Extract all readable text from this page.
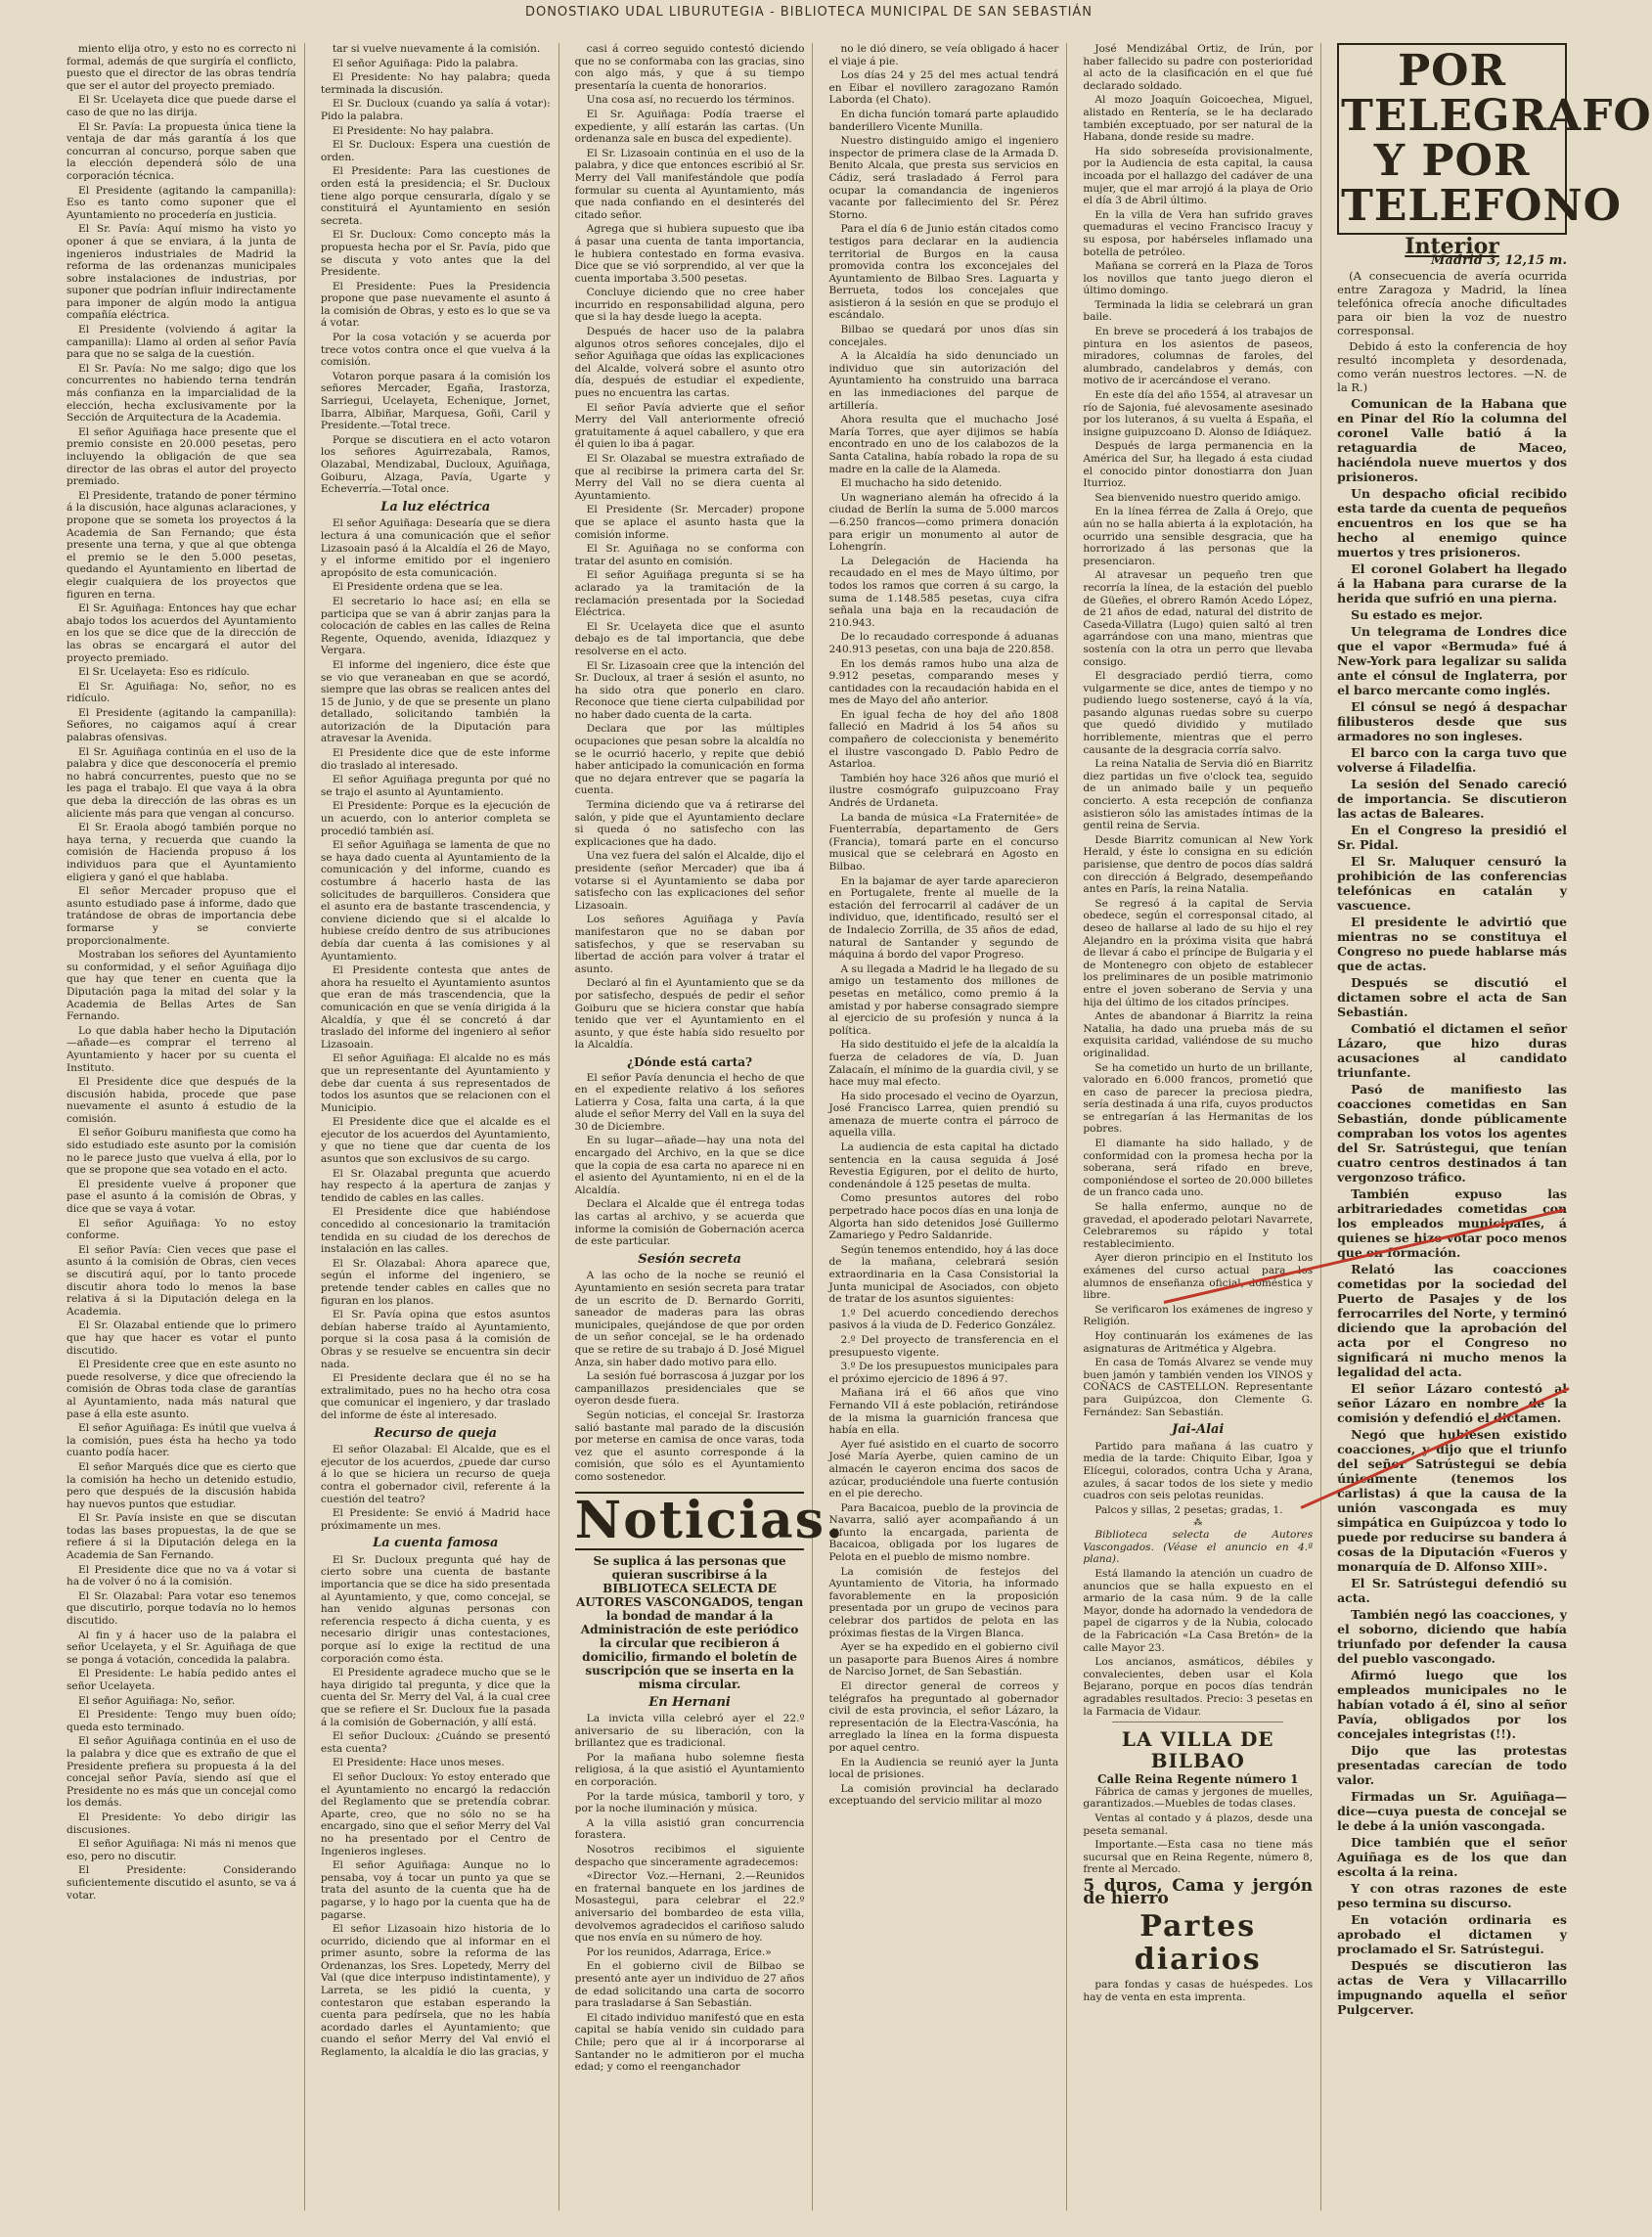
DONOSTIAKO UDAL LIBURUTEGIA - BIBLIOTECA MUNICIPAL DE SAN SEBASTIÁN

miento elija otro, y esto no es correcto ni formal, además de que surgiría el conflicto, puesto que el director de las obras tendría que ser el autor del proyecto premiado.

El Sr. Ucelayeta dice que puede darse el caso de que no las dirija.

El Sr. Pavía: La propuesta única tiene la ventaja de dar más garantía á los que concurran al concurso, porque saben que la elección dependerá sólo de una corporación técnica.

El Presidente (agitando la campanilla): Eso es tanto como suponer que el Ayuntamiento no procedería en justicia.

El Sr. Pavía: Aquí mismo ha visto yo oponer á que se enviara, á la junta de ingenieros industriales de Madrid la reforma de las ordenanzas municipales sobre instalaciones de industrias, por suponer que podrían influir indirectamente para imponer de algún modo la antigua compañía eléctrica.

El Presidente (volviendo á agitar la campanilla): Llamo al orden al señor Pavía para que no se salga de la cuestión.

El Sr. Pavía: No me salgo; digo que los concurrentes no habiendo terna tendrán más confianza en la imparcialidad de la elección, hecha exclusivamente por la Sección de Arquitectura de la Academia.

El señor Aguiñaga hace presente que el premio consiste en 20.000 pesetas, pero incluyendo la obligación de que sea director de las obras el autor del proyecto premiado.

El Presidente, tratando de poner término á la discusión, hace algunas aclaraciones, y propone que se someta los proyectos á la Academia de San Fernando; que ésta presente una terna, y que al que obtenga el premio se le den 5.000 pesetas, quedando el Ayuntamiento en libertad de elegir cualquiera de los proyectos que figuren en terna.

El Sr. Aguiñaga: Entonces hay que echar abajo todos los acuerdos del Ayuntamiento en los que se dice que de la dirección de las obras se encargará el autor del proyecto premiado.

El Sr. Ucelayeta: Eso es ridículo.

El Sr. Aguiñaga: No, señor, no es ridículo.

El Presidente (agitando la campanilla): Señores, no caigamos aquí á crear palabras ofensivas.

El Sr. Aguiñaga continúa en el uso de la palabra y dice que desconocería el premio no habrá concurrentes, puesto que no se les paga el trabajo. El que vaya á la obra que deba la dirección de las obras es un aliciente más para que vengan al concurso.

El Sr. Eraola abogó también porque no haya terna, y recuerda que cuando la comisión de Hacienda propuso á los individuos para que el Ayuntamiento eligiera y ganó el que hablaba.

El señor Mercader propuso que el asunto estudiado pase á informe, dado que tratándose de obras de importancia debe formarse y se convierte proporcionalmente.

Mostraban los señores del Ayuntamiento su conformidad, y el señor Aguiñaga dijo que hay que tener en cuenta que la Diputación paga la mitad del solar y la Academia de Bellas Artes de San Fernando.

Lo que dabla haber hecho la Diputación—añade—es comprar el terreno al Ayuntamiento y hacer por su cuenta el Instituto.

El Presidente dice que después de la discusión habida, procede que pase nuevamente el asunto á estudio de la comisión.

El señor Goiburu manifiesta que como ha sido estudiado este asunto por la comisión no le parece justo que vuelva á ella, por lo que se propone que sea votado en el acto.

El presidente vuelve á proponer que pase el asunto á la comisión de Obras, y dice que se vaya á votar.

El señor Aguiñaga: Yo no estoy conforme.

El señor Pavía: Cien veces que pase el asunto á la comisión de Obras, cien veces se discutirá aquí, por lo tanto procede discutir ahora todo lo menos la base relativa á si la Diputación delega en la Academia.

El Sr. Olazabal entiende que lo primero que hay que hacer es votar el punto discutido.

El Presidente cree que en este asunto no puede resolverse, y dice que ofreciendo la comisión de Obras toda clase de garantías al Ayuntamiento, nada más natural que pase á ella este asunto.

El señor Aguiñaga: Es inútil que vuelva á la comisión, pues ésta ha hecho ya todo cuanto podía hacer.

El señor Marqués dice que es cierto que la comisión ha hecho un detenido estudio, pero que después de la discusión habida hay nuevos puntos que estudiar.

El Sr. Pavía insiste en que se discutan todas las bases propuestas, la de que se refiere á si la Diputación delega en la Academia de San Fernando.

El Presidente dice que no va á votar si ha de volver ó no á la comisión.

El Sr. Olazabal: Para votar eso tenemos que discutirlo, porque todavía no lo hemos discutido.

Al fin y á hacer uso de la palabra el señor Ucelayeta, y el Sr. Aguiñaga de que se ponga á votación, concedida la palabra.

El Presidente: Le había pedido antes el señor Ucelayeta.

El señor Aguiñaga: No, señor.

El Presidente: Tengo muy buen oído; queda esto terminado.

El señor Aguiñaga continúa en el uso de la palabra y dice que es extraño de que el Presidente prefiera su propuesta á la del concejal señor Pavía, siendo así que el Presidente no es más que un concejal como los demás.

El Presidente: Yo debo dirigir las discusiones.

El señor Aguiñaga: Ni más ni menos que eso, pero no discutir.

El Presidente: Considerando suficientemente discutido el asunto, se va á votar.

tar si vuelve nuevamente á la comisión.

El señor Aguiñaga: Pido la palabra.

El Presidente: No hay palabra; queda terminada la discusión.

El Sr. Ducloux (cuando ya salía á votar): Pido la palabra.

El Presidente: No hay palabra.

El Sr. Ducloux: Espera una cuestión de orden.

El Presidente: Para las cuestiones de orden está la presidencia; el Sr. Ducloux tiene algo porque censurarla, dígalo y se constituirá el Ayuntamiento en sesión secreta.

El Sr. Ducloux: Como concepto más la propuesta hecha por el Sr. Pavía, pido que se discuta y voto antes que la del Presidente.

El Presidente: Pues la Presidencia propone que pase nuevamente el asunto á la comisión de Obras, y esto es lo que se va á votar.

Por la cosa votación y se acuerda por trece votos contra once el que vuelva á la comisión.

Votaron porque pasara á la comisión los señores Mercader, Egaña, Irastorza, Sarriegui, Ucelayeta, Echenique, Jornet, Ibarra, Albiñar, Marquesa, Goñi, Caril y Presidente.—Total trece.

Porque se discutiera en el acto votaron los señores Aguirrezabala, Ramos, Olazabal, Mendizabal, Ducloux, Aguiñaga, Goiburu, Alzaga, Pavía, Ugarte y Echeverría.—Total once.

La luz eléctrica

El señor Aguiñaga: Desearía que se diera lectura á una comunicación que el señor Lizasoain pasó á la Alcaldía el 26 de Mayo, y el informe emitido por el ingeniero apropósito de esta comunicación.

El Presidente ordena que se lea.

El secretario lo hace así; en ella se participa que se van á abrir zanjas para la colocación de cables en las calles de Reina Regente, Oquendo, avenida, Idiazquez y Vergara.

El informe del ingeniero, dice éste que se vio que veraneaban en que se acordó, siempre que las obras se realicen antes del 15 de Junio, y de que se presente un plano detallado, solicitando también la autorización de la Diputación para atravesar la Avenida.

El Presidente dice que de este informe dio traslado al interesado.

El señor Aguiñaga pregunta por qué no se trajo el asunto al Ayuntamiento.

El Presidente: Porque es la ejecución de un acuerdo, con lo anterior completa se procedió también así.

El señor Aguiñaga se lamenta de que no se haya dado cuenta al Ayuntamiento de la comunicación y del informe, cuando es costumbre á hacerlo hasta de las solicitudes de barquilleros. Considera que el asunto era de bastante trascendencia, y conviene diciendo que si el alcalde lo hubiese creído dentro de sus atribuciones debía dar cuenta á las comisiones y al Ayuntamiento.

El Presidente contesta que antes de ahora ha resuelto el Ayuntamiento asuntos que eran de más trascendencia, que la comunicación en que se venía dirigida á la Alcaldía, y que él se concretó á dar traslado del informe del ingeniero al señor Lizasoain.

El señor Aguiñaga: El alcalde no es más que un representante del Ayuntamiento y debe dar cuenta á sus representados de todos los asuntos que se relacionen con el Municipio.

El Presidente dice que el alcalde es el ejecutor de los acuerdos del Ayuntamiento, y que no tiene que dar cuenta de los asuntos que son exclusivos de su cargo.

El Sr. Olazabal pregunta que acuerdo hay respecto á la apertura de zanjas y tendido de cables en las calles.

El Presidente dice que habiéndose concedido al concesionario la tramitación tendida en su ciudad de los derechos de instalación en las calles.

El Sr. Olazabal: Ahora aparece que, según el informe del ingeniero, se pretende tender cables en calles que no figuran en los planos.

El Sr. Pavía opina que estos asuntos debían haberse traído al Ayuntamiento, porque si la cosa pasa á la comisión de Obras y se resuelve se encuentra sin decir nada.

El Presidente declara que él no se ha extralimitado, pues no ha hecho otra cosa que comunicar el ingeniero, y dar traslado del informe de éste al interesado.

Recurso de queja

El señor Olazabal: El Alcalde, que es el ejecutor de los acuerdos, ¿puede dar curso á lo que se hiciera un recurso de queja contra el gobernador civil, referente á la cuestión del teatro?

El Presidente: Se envió á Madrid hace próximamente un mes.

La cuenta famosa

El Sr. Ducloux pregunta qué hay de cierto sobre una cuenta de bastante importancia que se dice ha sido presentada al Ayuntamiento, y que, como concejal, se han venido algunas personas con referencia respecto á dicha cuenta, y es necesario dirigir unas contestaciones, porque así lo exige la rectitud de una corporación como ésta.

El Presidente agradece mucho que se le haya dirigido tal pregunta, y dice que la cuenta del Sr. Merry del Val, á la cual cree que se refiere el Sr. Ducloux fue la pasada á la comisión de Gobernación, y allí está.

El señor Ducloux: ¿Cuándo se presentó esta cuenta?

El Presidente: Hace unos meses.

El señor Ducloux: Yo estoy enterado que el Ayuntamiento no encargó la redacción del Reglamento que se pretendía cobrar. Aparte, creo, que no sólo no se ha encargado, sino que el señor Merry del Val no ha presentado por el Centro de Ingenieros ingleses.

El señor Aguiñaga: Aunque no lo pensaba, voy á tocar un punto ya que se trata del asunto de la cuenta que ha de pagarse, y lo hago por la cuenta que ha de pagarse.

El señor Lizasoain hizo historia de lo ocurrido, diciendo que al informar en el primer asunto, sobre la reforma de las Ordenanzas, los Sres. Lopetedy, Merry del Val (que dice interpuso indistintamente), y Larreta, se les pidió la cuenta, y contestaron que estaban esperando la cuenta para pedírsela, que no les había acordado darles el Ayuntamiento; que cuando el señor Merry del Val envió el Reglamento, la alcaldía le dio las gracias, y

casi á correo seguido contestó diciendo que no se conformaba con las gracias, sino con algo más, y que á su tiempo presentaría la cuenta de honorarios.

Una cosa así, no recuerdo los términos.

El Sr. Aguiñaga: Podía traerse el expediente, y allí estarán las cartas. (Un ordenanza sale en busca del expediente).

El Sr. Lizasoain continúa en el uso de la palabra, y dice que entonces escribió al Sr. Merry del Vall manifestándole que podía formular su cuenta al Ayuntamiento, más que nada confiando en el desinterés del citado señor.

Agrega que si hubiera supuesto que iba á pasar una cuenta de tanta importancia, le hubiera contestado en forma evasiva. Dice que se vió sorprendido, al ver que la cuenta importaba 3.500 pesetas.

Concluye diciendo que no cree haber incurrido en responsabilidad alguna, pero que si la hay desde luego la acepta.

Después de hacer uso de la palabra algunos otros señores concejales, dijo el señor Aguiñaga que oídas las explicaciones del Alcalde, volverá sobre el asunto otro día, después de estudiar el expediente, pues no encuentra las cartas.

El señor Pavía advierte que el señor Merry del Vall anteriormente ofreció gratuitamente á aquel caballero, y que era él quien lo iba á pagar.

El Sr. Olazabal se muestra extrañado de que al recibirse la primera carta del Sr. Merry del Vall no se diera cuenta al Ayuntamiento.

El Presidente (Sr. Mercader) propone que se aplace el asunto hasta que la comisión informe.

El Sr. Aguiñaga no se conforma con tratar del asunto en comisión.

El señor Aguiñaga pregunta si se ha aclarado ya la tramitación de la reclamación presentada por la Sociedad Eléctrica.

El Sr. Ucelayeta dice que el asunto debajo es de tal importancia, que debe resolverse en el acto.

El Sr. Lizasoain cree que la intención del Sr. Ducloux, al traer á sesión el asunto, no ha sido otra que ponerlo en claro. Reconoce que tiene cierta culpabilidad por no haber dado cuenta de la carta.

Declara que por las múltiples ocupaciones que pesan sobre la alcaldía no se le ocurrió hacerlo, y repite que debió haber anticipado la comunicación en forma que no dejara entrever que se pagaría la cuenta.

Termina diciendo que va á retirarse del salón, y pide que el Ayuntamiento declare si queda ó no satisfecho con las explicaciones que ha dado.

Una vez fuera del salón el Alcalde, dijo el presidente (señor Mercader) que iba á votarse si el Ayuntamiento se daba por satisfecho con las explicaciones del señor Lizasoain.

Los señores Aguiñaga y Pavía manifestaron que no se daban por satisfechos, y que se reservaban su libertad de acción para volver á tratar el asunto.

Declaró al fin el Ayuntamiento que se da por satisfecho, después de pedir el señor Goiburu que se hiciera constar que había tenido que ver el Ayuntamiento en el asunto, y que éste había sido resuelto por la Alcaldía.

¿Dónde está carta?

El señor Pavía denuncia el hecho de que en el expediente relativo á los señores Latierra y Cosa, falta una carta, á la que alude el señor Merry del Vall en la suya del 30 de Diciembre.

En su lugar—añade—hay una nota del encargado del Archivo, en la que se dice que la copia de esa carta no aparece ni en el asiento del Ayuntamiento, ni en el de la Alcaldía.

Declara el Alcalde que él entrega todas las cartas al archivo, y se acuerda que informe la comisión de Gobernación acerca de este particular.

Sesión secreta

A las ocho de la noche se reunió el Ayuntamiento en sesión secreta para tratar de un escrito de D. Bernardo Gorriti, saneador de maderas para las obras municipales, quejándose de que por orden de un señor concejal, se le ha ordenado que se retire de su trabajo á D. José Miguel Anza, sin haber dado motivo para ello.

La sesión fué borrascosa á juzgar por los campanillazos presidenciales que se oyeron desde fuera.

Según noticias, el concejal Sr. Irastorza salió bastante mal parado de la discusión por meterse en camisa de once varas, toda vez que el asunto corresponde á la comisión, que sólo es el Ayuntamiento como sostenedor.

Noticias.
Se suplica á las personas que quieran suscribirse á la BIBLIOTECA SELECTA DE AUTORES VASCONGADOS, tengan la bondad de mandar á la Administración de este periódico la circular que recibieron á domicilio, firmando el boletín de suscripción que se inserta en la misma circular.
En Hernani

La invicta villa celebró ayer el 22.º aniversario de su liberación, con la brillantez que es tradicional.

Por la mañana hubo solemne fiesta religiosa, á la que asistió el Ayuntamiento en corporación.

Por la tarde música, tamboril y toro, y por la noche iluminación y música.

A la villa asistió gran concurrencia forastera.

Nosotros recibimos el siguiente despacho que sinceramente agradecemos:

«Director Voz.—Hernani, 2.—Reunidos en fraternal banquete en los jardines de Mosastegui, para celebrar el 22.º aniversario del bombardeo de esta villa, devolvemos agradecidos el cariñoso saludo que nos envía en su número de hoy.

Por los reunidos, Adarraga, Erice.»

En el gobierno civil de Bilbao se presentó ante ayer un individuo de 27 años de edad solicitando una carta de socorro para trasladarse á San Sebastián.

El citado individuo manifestó que en esta capital se había venido sin cuidado para Chile; pero que al ir á incorporarse al Santander no le admitieron por el mucha edad; y como el reenganchador

no le dió dinero, se veía obligado á hacer el viaje á pie.

Los días 24 y 25 del mes actual tendrá en Eibar el novillero zaragozano Ramón Laborda (el Chato).

En dicha función tomará parte aplaudido banderillero Vicente Munilla.

Nuestro distinguido amigo el ingeniero inspector de primera clase de la Armada D. Benito Alcala, que presta sus servicios en Cádiz, será trasladado á Ferrol para ocupar la comandancia de ingenieros vacante por fallecimiento del Sr. Pérez Storno.

Para el día 6 de Junio están citados como testigos para declarar en la audiencia territorial de Burgos en la causa promovida contra los exconcejales del Ayuntamiento de Bilbao Sres. Laguarta y Berrueta, todos los concejales que asistieron á la sesión en que se produjo el escándalo.

Bilbao se quedará por unos días sin concejales.

A la Alcaldía ha sido denunciado un individuo que sin autorización del Ayuntamiento ha construido una barraca en las inmediaciones del parque de artillería.

Ahora resulta que el muchacho José María Torres, que ayer dijimos se había encontrado en uno de los calabozos de la Santa Catalina, había robado la ropa de su madre en la calle de la Alameda.

El muchacho ha sido detenido.

Un wagneriano alemán ha ofrecido á la ciudad de Berlín la suma de 5.000 marcos—6.250 francos—como primera donación para erigir un monumento al autor de Lohengrín.

La Delegación de Hacienda ha recaudado en el mes de Mayo último, por todos los ramos que corren á su cargo, la suma de 1.148.585 pesetas, cuya cifra señala una baja en la recaudación de 210.943.

De lo recaudado corresponde á aduanas 240.913 pesetas, con una baja de 220.858.

En los demás ramos hubo una alza de 9.912 pesetas, comparando meses y cantidades con la recaudación habida en el mes de Mayo del año anterior.

En igual fecha de hoy del año 1808 falleció en Madrid á los 54 años su compañero de coleccionista y benemérito el ilustre vascongado D. Pablo Pedro de Astarloa.

También hoy hace 326 años que murió el ilustre cosmógrafo guipuzcoano Fray Andrés de Urdaneta.

La banda de música «La Fraternitée» de Fuenterrabía, departamento de Gers (Francia), tomará parte en el concurso musical que se celebrará en Agosto en Bilbao.

En la bajamar de ayer tarde aparecieron en Portugalete, frente al muelle de la estación del ferrocarril al cadáver de un individuo, que, identificado, resultó ser el de Indalecio Zorrilla, de 35 años de edad, natural de Santander y segundo de máquina á bordo del vapor Progreso.

A su llegada a Madrid le ha llegado de su amigo un testamento dos millones de pesetas en metálico, como premio á la amistad y por haberse consagrado siempre al ejercicio de su profesión y nunca á la política.

Ha sido destituido el jefe de la alcaldía la fuerza de celadores de vía, D. Juan Zalacaín, el mínimo de la guardia civil, y se hace muy mal efecto.

Ha sido procesado el vecino de Oyarzun, José Francisco Larrea, quien prendió su amenaza de muerte contra el párroco de aquella villa.

La audiencia de esta capital ha dictado sentencia en la causa seguida á José Revestia Egiguren, por el delito de hurto, condenándole á 125 pesetas de multa.

Como presuntos autores del robo perpetrado hace pocos días en una lonja de Algorta han sido detenidos José Guillermo Zamariego y Pedro Saldanride.

Según tenemos entendido, hoy á las doce de la mañana, celebrará sesión extraordinaria en la Casa Consistorial la Junta municipal de Asociados, con objeto de tratar de los asuntos siguientes:

1.º Del acuerdo concediendo derechos pasivos á la viuda de D. Federico González.

2.º Del proyecto de transferencia en el presupuesto vigente.

3.º De los presupuestos municipales para el próximo ejercicio de 1896 á 97.

Mañana irá el 66 años que vino Fernando VII á este población, retirándose de la misma la guarnición francesa que había en ella.

Ayer fué asistido en el cuarto de socorro José María Ayerbe, quien camino de un almacén le cayeron encima dos sacos de azúcar, produciéndole una fuerte contusión en el pie derecho.

Para Bacaicoa, pueblo de la provincia de Navarra, salió ayer acompañando á un difunto la encargada, parienta de Bacaicoa, obligada por los lugares de Pelota en el pueblo de mismo nombre.

La comisión de festejos del Ayuntamiento de Vitoria, ha informado favorablemente en la proposición presentada por un grupo de vecinos para celebrar dos partidos de pelota en las próximas fiestas de la Virgen Blanca.

Ayer se ha expedido en el gobierno civil un pasaporte para Buenos Aires á nombre de Narciso Jornet, de San Sebastián.

El director general de correos y telégrafos ha preguntado al gobernador civil de esta provincia, el señor Lázaro, la representación de la Electra-Vascónia, ha arreglado la línea en la forma dispuesta por aquel centro.

En la Audiencia se reunió ayer la Junta local de prisiones.

La comisión provincial ha declarado exceptuando del servicio militar al mozo

José Mendizábal Ortiz, de Irún, por haber fallecido su padre con posterioridad al acto de la clasificación en el que fué declarado soldado.

Al mozo Joaquín Goicoechea, Miguel, alistado en Rentería, se le ha declarado también exceptuado, por ser natural de la Habana, donde reside su madre.

Ha sido sobreseída provisionalmente, por la Audiencia de esta capital, la causa incoada por el hallazgo del cadáver de una mujer, que el mar arrojó á la playa de Orio el día 3 de Abril último.

En la villa de Vera han sufrido graves quemaduras el vecino Francisco Iracuy y su esposa, por habérseles inflamado una botella de petróleo.

Mañana se correrá en la Plaza de Toros los novillos que tanto juego dieron el último domingo.

Terminada la lidia se celebrará un gran baile.

En breve se procederá á los trabajos de pintura en los asientos de paseos, miradores, columnas de faroles, del alumbrado, candelabros y demás, con motivo de ir acercándose el verano.

En este día del año 1554, al atravesar un río de Sajonia, fué alevosamente asesinado por los luteranos, á su vuelta á España, el insigne guipuzcoano D. Alonso de Idiáquez.

Después de larga permanencia en la América del Sur, ha llegado á esta ciudad el conocido pintor donostiarra don Juan Iturrioz.

Sea bienvenido nuestro querido amigo.

En la línea férrea de Zalla á Orejo, que aún no se halla abierta á la explotación, ha ocurrido una sensible desgracia, que ha horrorizado á las personas que la presenciaron.

Al atravesar un pequeño tren que recorría la línea, de la estación del pueblo de Güeñes, el obrero Ramón Acedo López, de 21 años de edad, natural del distrito de Caseda-Villatra (Lugo) quien saltó al tren agarrándose con una mano, mientras que sostenía con la otra un perro que llevaba consigo.

El desgraciado perdió tierra, como vulgarmente se dice, antes de tiempo y no pudiendo luego sostenerse, cayó á la vía, pasando algunas ruedas sobre su cuerpo que quedó dividido y mutilado horriblemente, mientras que el perro causante de la desgracia corría salvo.

La reina Natalia de Servia dió en Biarritz diez partidas un five o'clock tea, seguido de un animado baile y un pequeño concierto. A esta recepción de confianza asistieron sólo las amistades íntimas de la gentil reina de Servia.

Desde Biarritz comunican al New York Herald, y éste lo consigna en su edición parisiense, que dentro de pocos días saldrá con dirección á Belgrado, desempeñando antes en París, la reina Natalia.

Se regresó á la capital de Servia obedece, según el corresponsal citado, al deseo de hallarse al lado de su hijo el rey Alejandro en la próxima visita que habrá de llevar á cabo el príncipe de Bulgaria y el de Montenegro con objeto de establecer los preliminares de un posible matrimonio entre el joven soberano de Servia y una hija del último de los citados príncipes.

Antes de abandonar á Biarritz la reina Natalia, ha dado una prueba más de su exquisita caridad, valiéndose de su mucho originalidad.

Se ha cometido un hurto de un brillante, valorado en 6.000 francos, prometió que en caso de parecer la preciosa piedra, sería destinada á una rifa, cuyos productos se entregarían á las Hermanitas de los pobres.

El diamante ha sido hallado, y de conformidad con la promesa hecha por la soberana, será rifado en breve, componiéndose el sorteo de 20.000 billetes de un franco cada uno.

Se halla enfermo, aunque no de gravedad, el apoderado pelotari Navarrete, Celebraremos su rápido y total restablecimiento.

Ayer dieron principio en el Instituto los exámenes del curso actual para los alumnos de enseñanza oficial, doméstica y libre.

Se verificaron los exámenes de ingreso y Religión.

Hoy continuarán los exámenes de las asignaturas de Aritmética y Algebra.

En casa de Tomás Alvarez se vende muy buen jamón y también venden los VINOS y COÑACS de CASTELLON. Representante para Guipúzcoa, don Clemente G. Fernández: San Sebastián.

Jai-Alai

Partido para mañana á las cuatro y media de la tarde: Chiquito Eibar, Igoa y Elícegui, colorados, contra Ucha y Arana, azules, á sacar todos de los siete y medio cuadros con seis pelotas reunidas.

Palcos y sillas, 2 pesetas; gradas, 1.

⁂

Biblioteca selecta de Autores Vascongados. (Véase el anuncio en 4.ª plana).

Está llamando la atención un cuadro de anuncios que se halla expuesto en el armario de la casa núm. 9 de la calle Mayor, donde ha adornado la vendedora de papel de cigarros y de la Nubia, colocado de la Fabricación «La Casa Bretón» de la calle Mayor 23.

Los ancianos, asmáticos, débiles y convalecientes, deben usar el Kola Bejarano, porque en pocos días tendrán agradables resultados. Precio: 3 pesetas en la Farmacia de Vidaur.

LA VILLA DE BILBAO
Calle Reina Regente número 1

Fábrica de camas y jergones de muelles, garantizados.—Muebles de todas clases.

Ventas al contado y á plazos, desde una peseta semanal.

Importante.—Esta casa no tiene más sucursal que en Reina Regente, número 8, frente al Mercado.

5 duros, Cama y jergón de hierro
Partes diarios

para fondas y casas de huéspedes. Los hay de venta en esta imprenta.

POR TELEGRAFO
Y POR TELEFONO
Interior
Madrid 3, 12,15 m.

(A consecuencia de avería ocurrida entre Zaragoza y Madrid, la línea telefónica ofrecía anoche dificultades para oir bien la voz de nuestro corresponsal.

Debido á esto la conferencia de hoy resultó incompleta y desordenada, como verán nuestros lectores. —N. de la R.)

Comunican de la Habana que en Pinar del Río la columna del coronel Valle batió á la retaguardia de Maceo, haciéndola nueve muertos y dos prisioneros.

Un despacho oficial recibido esta tarde da cuenta de pequeños encuentros en los que se ha hecho al enemigo quince muertos y tres prisioneros.

El coronel Golabert ha llegado á la Habana para curarse de la herida que sufrió en una pierna.

Su estado es mejor.

Un telegrama de Londres dice que el vapor «Bermuda» fué á New-York para legalizar su salida ante el cónsul de Inglaterra, por el barco mercante como inglés.

El cónsul se negó á despachar filibusteros desde que sus armadores no son ingleses.

El barco con la carga tuvo que volverse á Filadelfia.

La sesión del Senado careció de importancia. Se discutieron las actas de Baleares.

En el Congreso la presidió el Sr. Pidal.

El Sr. Maluquer censuró la prohibición de las conferencias telefónicas en catalán y vascuence.

El presidente le advirtió que mientras no se constituya el Congreso no puede hablarse más que de actas.

Después se discutió el dictamen sobre el acta de San Sebastián.

Combatió el dictamen el señor Lázaro, que hizo duras acusaciones al candidato triunfante.

Pasó de manifiesto las coacciones cometidas en San Sebastián, donde públicamente compraban los votos los agentes del Sr. Satrústegui, que tenían cuatro centros destinados á tan vergonzoso tráfico.

También expuso las arbitrariedades cometidas con los empleados municipales, á quienes se hizo votar poco menos que en formación.

Relató las coacciones cometidas por la sociedad del Puerto de Pasajes y de los ferrocarriles del Norte, y terminó diciendo que la aprobación del acta por el Congreso no significará ni mucho menos la legalidad del acta.

El señor Lázaro contestó al señor Lázaro en nombre de la comisión y defendió el dictamen.

Negó que hubiesen existido coacciones, y dijo que el triunfo del señor Satrústegui se debía únicamente (tenemos los carlistas) á que la causa de la unión vascongada es muy simpática en Guipúzcoa y todo lo puede por reducirse su bandera á cosas de la Diputación «Fueros y monarquía de D. Alfonso XIII».

El Sr. Satrústegui defendió su acta.

También negó las coacciones, y el soborno, diciendo que había triunfado por defender la causa del pueblo vascongado.

Afirmó luego que los empleados municipales no le habían votado á él, sino al señor Pavía, obligados por los concejales integristas (!!).

Dijo que las protestas presentadas carecían de todo valor.

Firmadas un Sr. Aguiñaga—dice—cuya puesta de concejal se le debe á la unión vascongada.

Dice también que el señor Aguiñaga es de los que dan escolta á la reina.

Y con otras razones de este peso termina su discurso.

En votación ordinaria es aprobado el dictamen y proclamado el Sr. Satrústegui.

Después se discutieron las actas de Vera y Villacarrillo impugnando aquella el señor Pulgcerver.
